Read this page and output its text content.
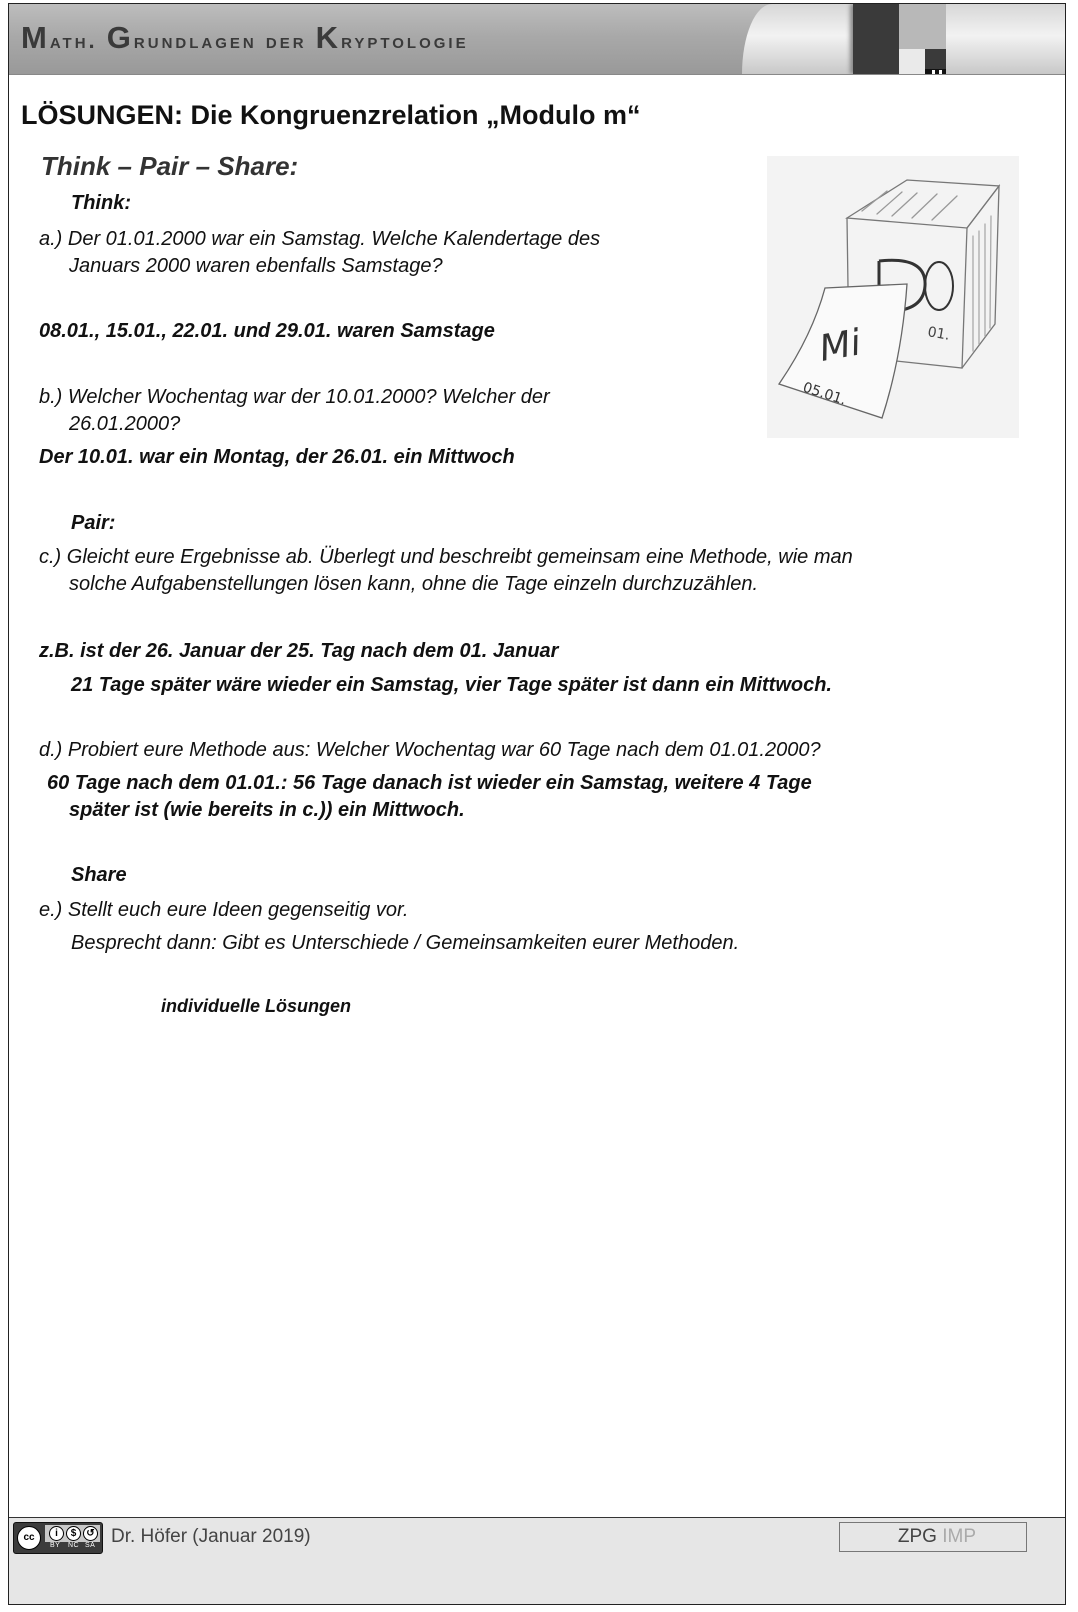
Math. Grundlagen der Kryptologie
LÖSUNGEN: Die Kongruenzrelation „Modulo m“
Think – Pair – Share:
Think:
a.) Der 01.01.2000 war ein Samstag. Welche Kalendertage des
Januars 2000 waren ebenfalls Samstage?
08.01., 15.01., 22.01. und 29.01. waren Samstage
b.) Welcher Wochentag war der 10.01.2000? Welcher der
26.01.2000?
Der 10.01. war ein Montag, der 26.01. ein Mittwoch
Pair:
c.) Gleicht eure Ergebnisse ab. Überlegt und beschreibt gemeinsam eine Methode, wie man
solche Aufgabenstellungen lösen kann, ohne die Tage einzeln durchzuzählen.
z.B. ist der 26. Januar der 25. Tag nach dem 01. Januar
21 Tage später wäre wieder ein Samstag, vier Tage später ist dann ein Mittwoch.
d.) Probiert eure Methode aus: Welcher Wochentag war 60 Tage nach dem 01.01.2000?
60 Tage nach dem 01.01.: 56 Tage danach ist wieder ein Samstag, weitere 4 Tage
später ist (wie bereits in c.)) ein Mittwoch.
Share
e.) Stellt euch eure Ideen gegenseitig vor.
Besprecht dann: Gibt es Unterschiede / Gemeinsamkeiten eurer Methoden.
individuelle Lösungen
01.
Mi
05.01.
cc	i	$	↺
BY NC SA Dr. Höfer (Januar 2019)	ZPG IMP
